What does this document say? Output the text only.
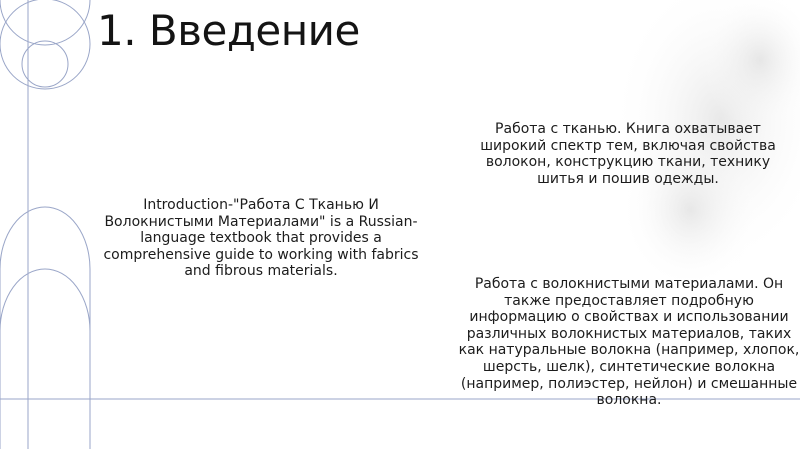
1. Введение
Introduction-"Работа С Тканью И Волокнистыми Материалами" is a Russian-language textbook that provides a comprehensive guide to working with fabrics and fibrous materials.
Работа с тканью. Книга охватывает широкий спектр тем, включая свойства волокон, конструкцию ткани, технику шитья и пошив одежды.
Работа с волокнистыми материалами. Он также предоставляет подробную информацию о свойствах и использовании различных волокнистых материалов, таких как натуральные волокна (например, хлопок, шерсть, шелк), синтетические волокна (например, полиэстер, нейлон) и смешанные волокна.
